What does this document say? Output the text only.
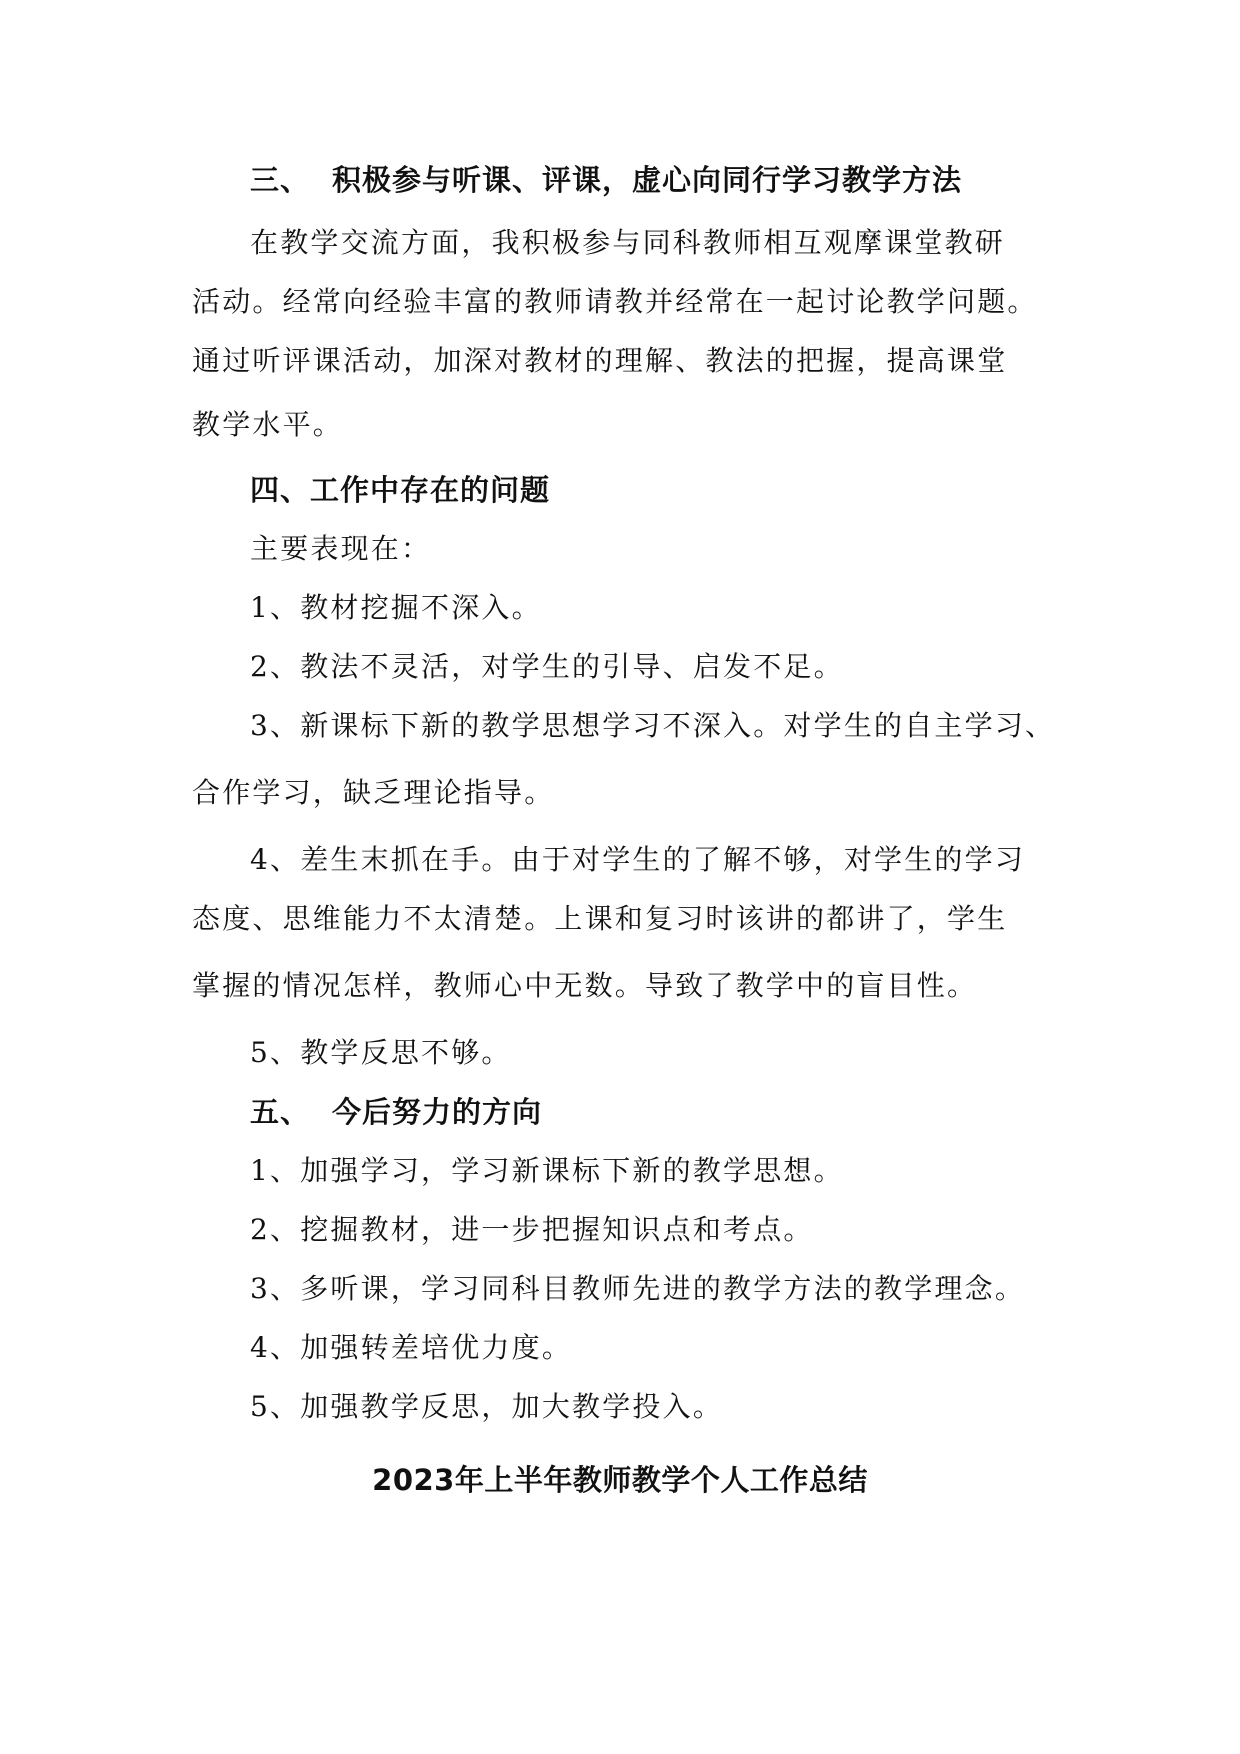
三、 积极参与听课、评课，虚心向同行学习教学方法
在教学交流方面，我积极参与同科教师相互观摩课堂教研
活动。经常向经验丰富的教师请教并经常在一起讨论教学问题。
通过听评课活动，加深对教材的理解、教法的把握，提高课堂
教学水平。
四、工作中存在的问题
主要表现在：
1、教材挖掘不深入。
2、教法不灵活，对学生的引导、启发不足。
3、新课标下新的教学思想学习不深入。对学生的自主学习、
合作学习，缺乏理论指导。
4、差生末抓在手。由于对学生的了解不够，对学生的学习
态度、思维能力不太清楚。上课和复习时该讲的都讲了，学生
掌握的情况怎样，教师心中无数。导致了教学中的盲目性。
5、教学反思不够。
五、 今后努力的方向
1、加强学习，学习新课标下新的教学思想。
2、挖掘教材，进一步把握知识点和考点。
3、多听课，学习同科目教师先进的教学方法的教学理念。
4、加强转差培优力度。
5、加强教学反思，加大教学投入。
2023年上半年教师教学个人工作总结
